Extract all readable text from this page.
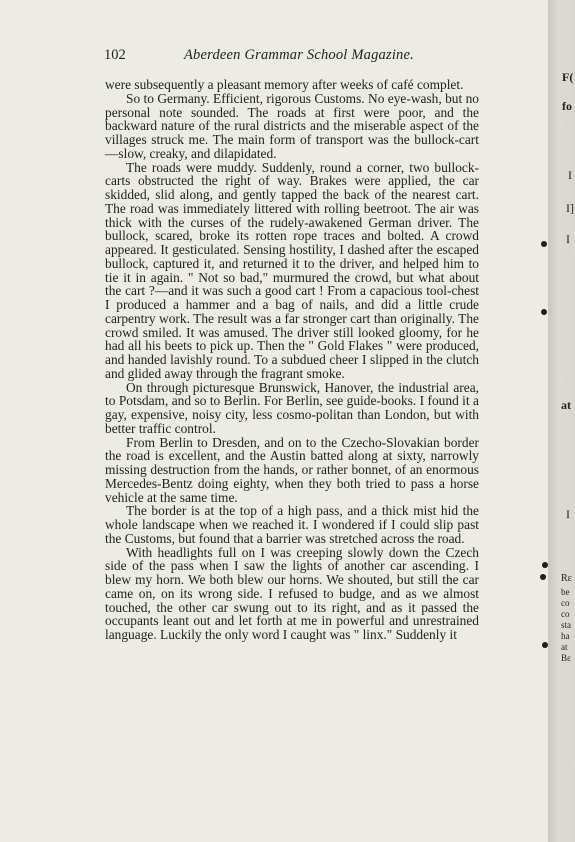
102	Aberdeen Grammar School Magazine.

were subsequently a pleasant memory after weeks of café complet.

So to Germany. Efficient, rigorous Customs. No eye-wash, but no personal note sounded. The roads at first were poor, and the backward nature of the rural districts and the miserable aspect of the villages struck me. The main form of transport was the bullock-cart—slow, creaky, and dilapidated.

The roads were muddy. Suddenly, round a corner, two bullock-carts obstructed the right of way. Brakes were applied, the car skidded, slid along, and gently tapped the back of the nearest cart. The road was immediately littered with rolling beetroot. The air was thick with the curses of the rudely-awakened German driver. The bullock, scared, broke its rotten rope traces and bolted. A crowd appeared. It gesticulated. Sensing hostility, I dashed after the escaped bullock, captured it, and returned it to the driver, and helped him to tie it in again. " Not so bad," murmured the crowd, but what about the cart ?—and it was such a good cart ! From a capacious tool-chest I produced a hammer and a bag of nails, and did a little crude carpentry work. The result was a far stronger cart than originally. The crowd smiled. It was amused. The driver still looked gloomy, for he had all his beets to pick up. Then the " Gold Flakes " were produced, and handed lavishly round. To a subdued cheer I slipped in the clutch and glided away through the fragrant smoke.

On through picturesque Brunswick, Hanover, the industrial area, to Potsdam, and so to Berlin. For Berlin, see guide-books. I found it a gay, expensive, noisy city, less cosmo-politan than London, but with better traffic control.

From Berlin to Dresden, and on to the Czecho-Slovakian border the road is excellent, and the Austin batted along at sixty, narrowly missing destruction from the hands, or rather bonnet, of an enormous Mercedes-Bentz doing eighty, when they both tried to pass a horse vehicle at the same time.

The border is at the top of a high pass, and a thick mist hid the whole landscape when we reached it. I wondered if I could slip past the Customs, but found that a barrier was stretched across the road.

With headlights full on I was creeping slowly down the Czech side of the pass when I saw the lights of another car ascending. I blew my horn. We both blew our horns. We shouted, but still the car came on, on its wrong side. I refused to budge, and as we almost touched, the other car swung out to its right, and as it passed the occupants leant out and let forth at me in powerful and unrestrained language. Luckily the only word I caught was " linx." Suddenly it

F(
fo
I
I]
I
at
I
Rε
be
co
co
sta
ha
at
Bε
